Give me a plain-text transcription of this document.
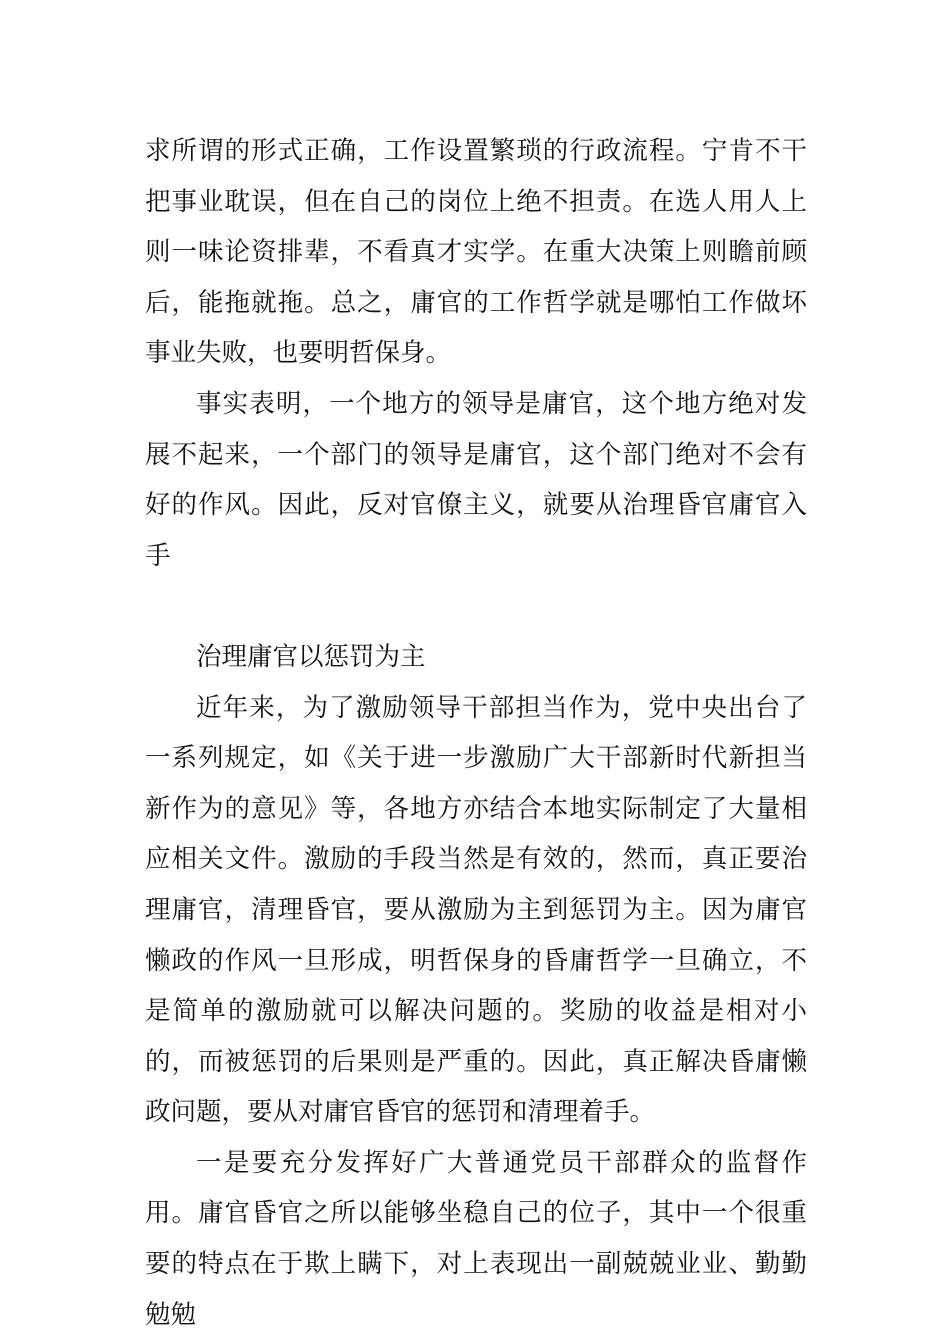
求所谓的形式正确，工作设置繁琐的行政流程。宁肯不干把事业耽误，但在自己的岗位上绝不担责。在选人用人上则一味论资排辈，不看真才实学。在重大决策上则瞻前顾后，能拖就拖。总之，庸官的工作哲学就是哪怕工作做坏事业失败，也要明哲保身。

事实表明，一个地方的领导是庸官，这个地方绝对发展不起来，一个部门的领导是庸官，这个部门绝对不会有好的作风。因此，反对官僚主义，就要从治理昏官庸官入手

治理庸官以惩罚为主

近年来，为了激励领导干部担当作为，党中央出台了一系列规定，如《关于进一步激励广大干部新时代新担当新作为的意见》等，各地方亦结合本地实际制定了大量相应相关文件。激励的手段当然是有效的，然而，真正要治理庸官，清理昏官，要从激励为主到惩罚为主。因为庸官懒政的作风一旦形成，明哲保身的昏庸哲学一旦确立，不是简单的激励就可以解决问题的。奖励的收益是相对小的，而被惩罚的后果则是严重的。因此，真正解决昏庸懒政问题，要从对庸官昏官的惩罚和清理着手。

一是要充分发挥好广大普通党员干部群众的监督作用。庸官昏官之所以能够坐稳自己的位子，其中一个很重要的特点在于欺上瞒下，对上表现出一副兢兢业业、勤勤勉勉
